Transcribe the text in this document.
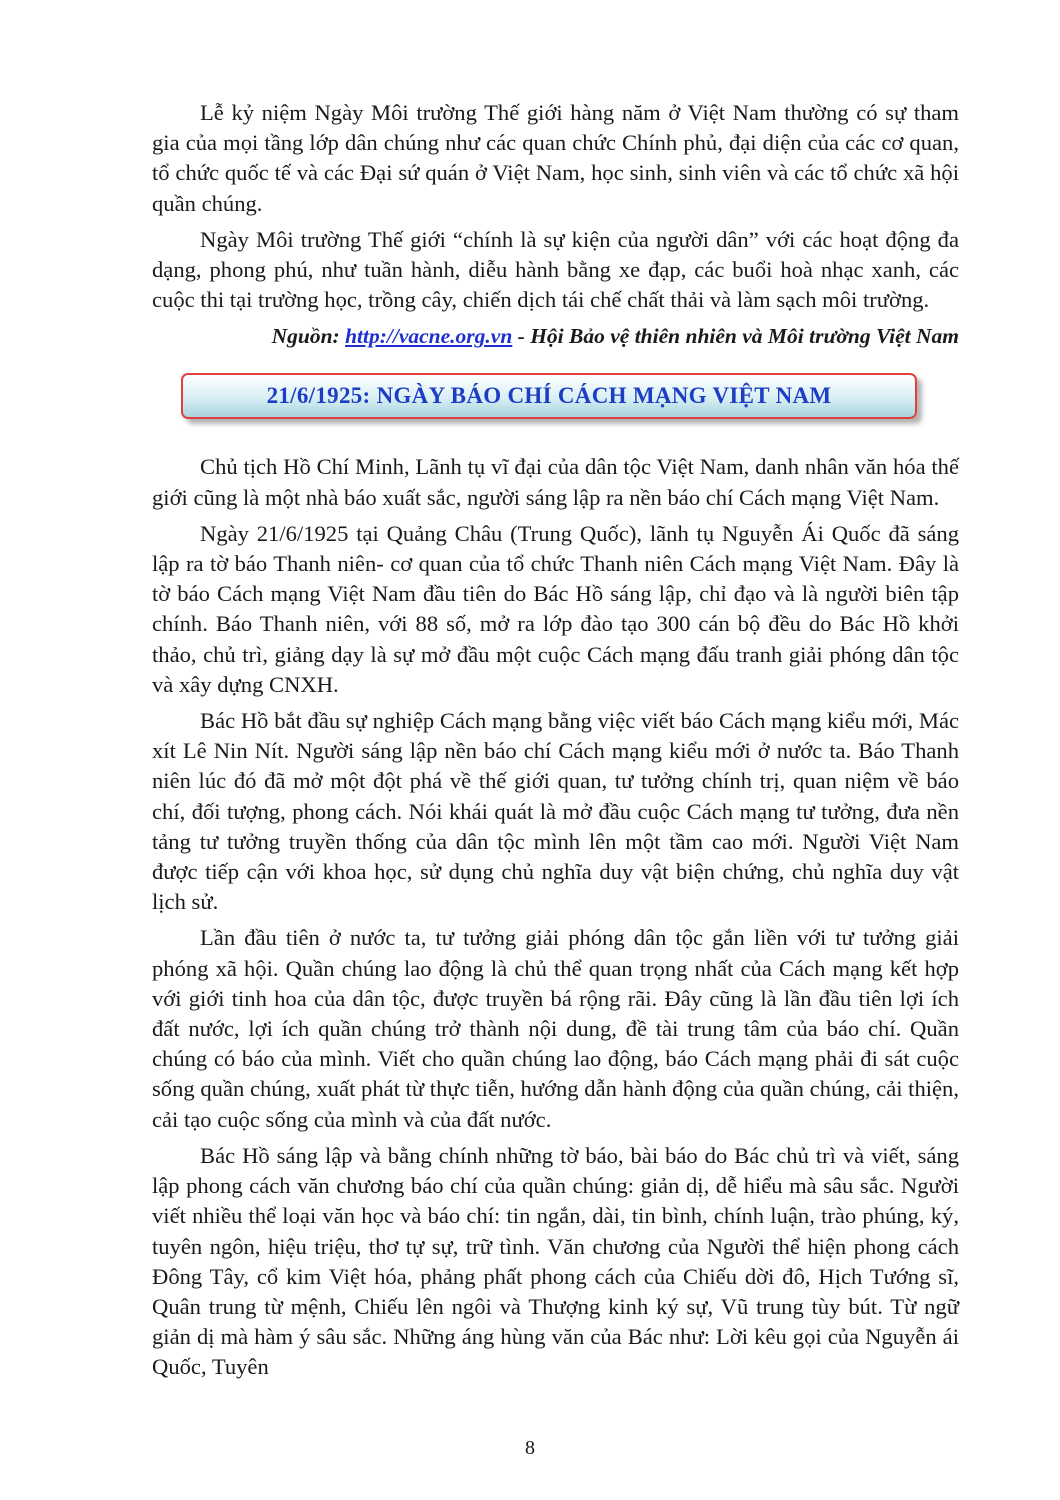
Lễ kỷ niệm Ngày Môi trường Thế giới hàng năm ở Việt Nam thường có sự tham gia của mọi tầng lớp dân chúng như các quan chức Chính phủ, đại diện của các cơ quan, tổ chức quốc tế và các Đại sứ quán ở Việt Nam, học sinh, sinh viên và các tổ chức xã hội quần chúng.

Ngày Môi trường Thế giới “chính là sự kiện của người dân” với các hoạt động đa dạng, phong phú, như tuần hành, diễu hành bằng xe đạp, các buổi hoà nhạc xanh, các cuộc thi tại trường học, trồng cây, chiến dịch tái chế chất thải và làm sạch môi trường.

Nguồn: http://vacne.org.vn - Hội Bảo vệ thiên nhiên và Môi trường Việt Nam

21/6/1925: NGÀY BÁO CHÍ CÁCH MẠNG VIỆT NAM

Chủ tịch Hồ Chí Minh, Lãnh tụ vĩ đại của dân tộc Việt Nam, danh nhân văn hóa thế giới cũng là một nhà báo xuất sắc, người sáng lập ra nền báo chí Cách mạng Việt Nam.

Ngày 21/6/1925 tại Quảng Châu (Trung Quốc), lãnh tụ Nguyễn Ái Quốc đã sáng lập ra tờ báo Thanh niên- cơ quan của tổ chức Thanh niên Cách mạng Việt Nam. Đây là tờ báo Cách mạng Việt Nam đầu tiên do Bác Hồ sáng lập, chỉ đạo và là người biên tập chính. Báo Thanh niên, với 88 số, mở ra lớp đào tạo 300 cán bộ đều do Bác Hồ khởi thảo, chủ trì, giảng dạy là sự mở đầu một cuộc Cách mạng đấu tranh giải phóng dân tộc và xây dựng CNXH.

Bác Hồ bắt đầu sự nghiệp Cách mạng bằng việc viết báo Cách mạng kiểu mới, Mác xít Lê Nin Nít. Người sáng lập nền báo chí Cách mạng kiểu mới ở nước ta. Báo Thanh niên lúc đó đã mở một đột phá về thế giới quan, tư tưởng chính trị, quan niệm về báo chí, đối tượng, phong cách. Nói khái quát là mở đầu cuộc Cách mạng tư tưởng, đưa nền tảng tư tưởng truyền thống của dân tộc mình lên một tầm cao mới. Người Việt Nam được tiếp cận với khoa học, sử dụng chủ nghĩa duy vật biện chứng, chủ nghĩa duy vật lịch sử.

Lần đầu tiên ở nước ta, tư tưởng giải phóng dân tộc gắn liền với tư tưởng giải phóng xã hội. Quần chúng lao động là chủ thể quan trọng nhất của Cách mạng kết hợp với giới tinh hoa của dân tộc, được truyền bá rộng rãi. Đây cũng là lần đầu tiên lợi ích đất nước, lợi ích quần chúng trở thành nội dung, đề tài trung tâm của báo chí. Quần chúng có báo của mình. Viết cho quần chúng lao động, báo Cách mạng phải đi sát cuộc sống quần chúng, xuất phát từ thực tiễn, hướng dẫn hành động của quần chúng, cải thiện, cải tạo cuộc sống của mình và của đất nước.

Bác Hồ sáng lập và bằng chính những tờ báo, bài báo do Bác chủ trì và viết, sáng lập phong cách văn chương báo chí của quần chúng: giản dị, dễ hiểu mà sâu sắc. Người viết nhiều thể loại văn học và báo chí: tin ngắn, dài, tin bình, chính luận, trào phúng, ký, tuyên ngôn, hiệu triệu, thơ tự sự, trữ tình. Văn chương của Người thể hiện phong cách Đông Tây, cổ kim Việt hóa, phảng phất phong cách của Chiếu dời đô, Hịch Tướng sĩ, Quân trung từ mệnh, Chiếu lên ngôi và Thượng kinh ký sự, Vũ trung tùy bút. Từ ngữ giản dị mà hàm ý sâu sắc. Những áng hùng văn của Bác như: Lời kêu gọi của Nguyễn ái Quốc, Tuyên

8
